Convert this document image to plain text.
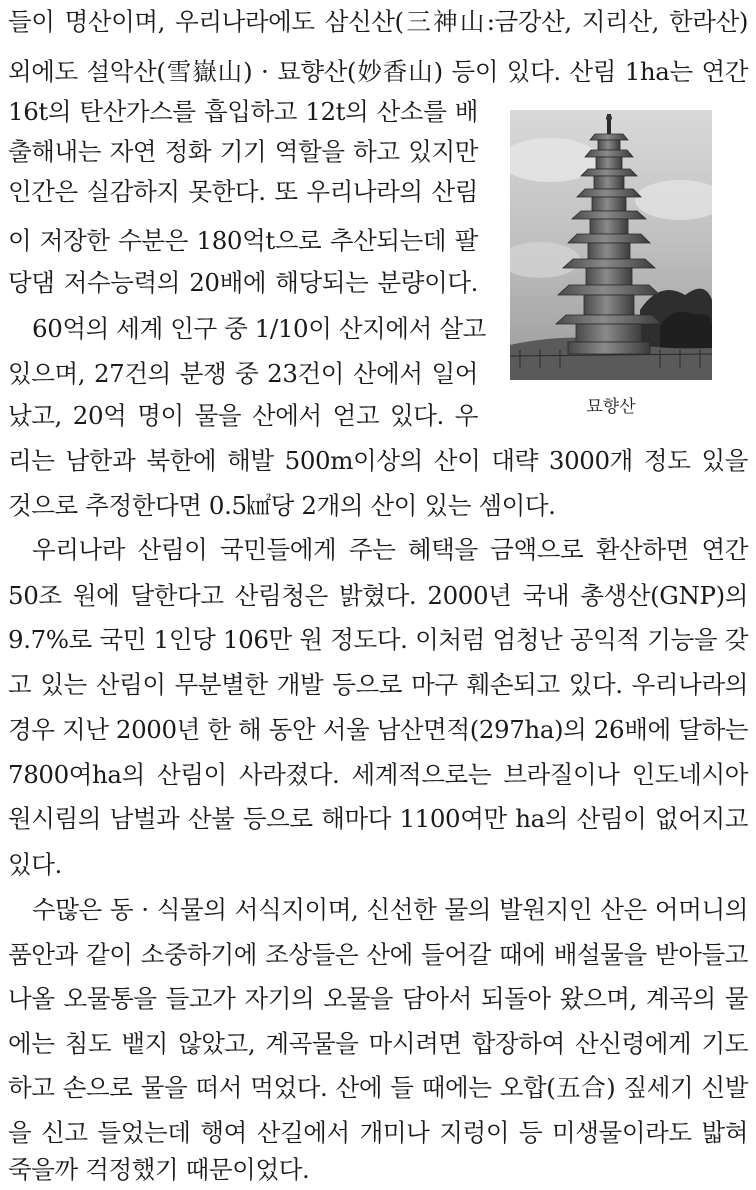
들이 명산이며, 우리나라에도 삼신산(三神山:금강산, 지리산, 한라산)
외에도 설악산(雪嶽山) · 묘향산(妙香山) 등이 있다. 산림 1ha는 연간
16t의 탄산가스를 흡입하고 12t의 산소를 배
출해내는 자연 정화 기기 역할을 하고 있지만
인간은 실감하지 못한다. 또 우리나라의 산림
이 저장한 수분은 180억t으로 추산되는데 팔
당댐 저수능력의 20배에 해당되는 분량이다.
60억의 세계 인구 중 1/10이 산지에서 살고
있으며, 27건의 분쟁 중 23건이 산에서 일어
났고, 20억 명이 물을 산에서 얻고 있다. 우
리는 남한과 북한에 해발 500m이상의 산이 대략 3000개 정도 있을
것으로 추정한다면 0.5㎢당 2개의 산이 있는 셈이다.
우리나라 산림이 국민들에게 주는 혜택을 금액으로 환산하면 연간
50조 원에 달한다고 산림청은 밝혔다. 2000년 국내 총생산(GNP)의
9.7%로 국민 1인당 106만 원 정도다. 이처럼 엄청난 공익적 기능을 갖
고 있는 산림이 무분별한 개발 등으로 마구 훼손되고 있다. 우리나라의
경우 지난 2000년 한 해 동안 서울 남산면적(297ha)의 26배에 달하는
7800여ha의 산림이 사라졌다. 세계적으로는 브라질이나 인도네시아
원시림의 남벌과 산불 등으로 해마다 1100여만 ha의 산림이 없어지고
있다.
수많은 동 · 식물의 서식지이며, 신선한 물의 발원지인 산은 어머니의
품안과 같이 소중하기에 조상들은 산에 들어갈 때에 배설물을 받아들고
나올 오물통을 들고가 자기의 오물을 담아서 되돌아 왔으며, 계곡의 물
에는 침도 뱉지 않았고, 계곡물을 마시려면 합장하여 산신령에게 기도
하고 손으로 물을 떠서 먹었다. 산에 들 때에는 오합(五合) 짚세기 신발
을 신고 들었는데 행여 산길에서 개미나 지렁이 등 미생물이라도 밟혀
죽을까 걱정했기 때문이었다.
묘향산
